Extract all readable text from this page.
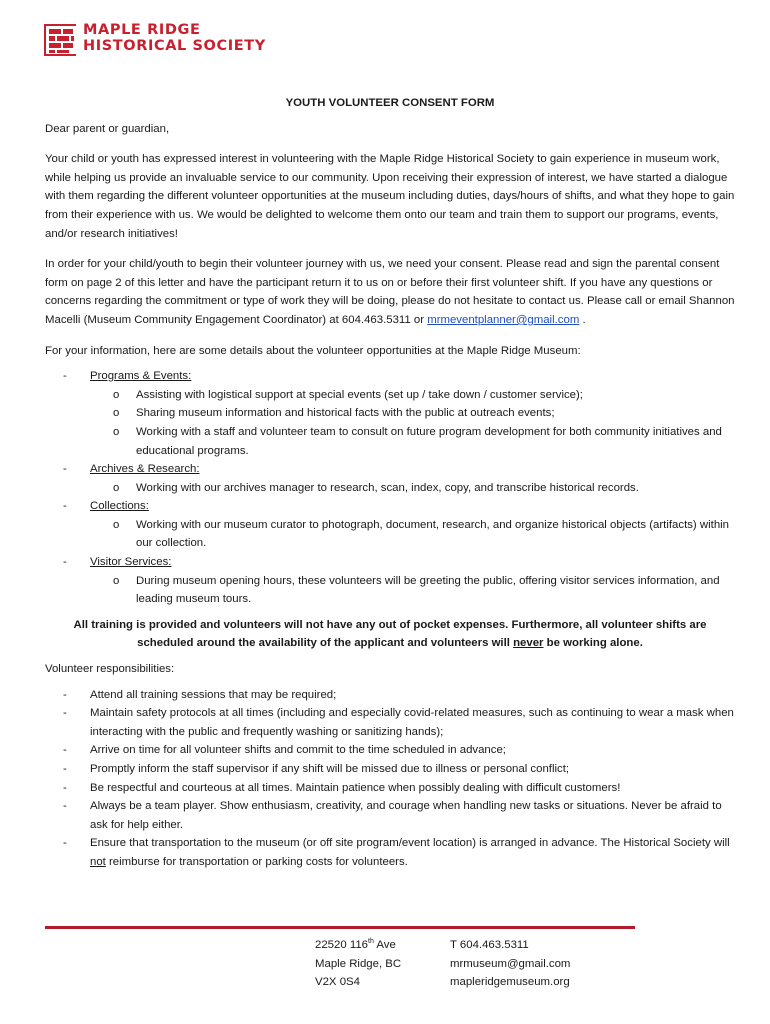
MAPLE RIDGE
HISTORICAL SOCIETY

YOUTH VOLUNTEER CONSENT FORM

Dear parent or guardian,

Your child or youth has expressed interest in volunteering with the Maple Ridge Historical Society to gain experience in museum work, while helping us provide an invaluable service to our community. Upon receiving their expression of interest, we have started a dialogue with them regarding the different volunteer opportunities at the museum including duties, days/hours of shifts, and what they hope to gain from their experience with us. We would be delighted to welcome them onto our team and train them to support our programs, events, and/or research initiatives!

In order for your child/youth to begin their volunteer journey with us, we need your consent. Please read and sign the parental consent form on page 2 of this letter and have the participant return it to us on or before their first volunteer shift. If you have any questions or concerns regarding the commitment or type of work they will be doing, please do not hesitate to contact us. Please call or email Shannon Macelli (Museum Community Engagement Coordinator) at 604.463.5311 or mrmeventplanner@gmail.com .

For your information, here are some details about the volunteer opportunities at the Maple Ridge Museum:

- Programs & Events:
o Assisting with logistical support at special events (set up / take down / customer service);
o Sharing museum information and historical facts with the public at outreach events;
o Working with a staff and volunteer team to consult on future program development for both community initiatives and educational programs.
- Archives & Research:
o Working with our archives manager to research, scan, index, copy, and transcribe historical records.
- Collections:
o Working with our museum curator to photograph, document, research, and organize historical objects (artifacts) within our collection.
- Visitor Services:
o During museum opening hours, these volunteers will be greeting the public, offering visitor services information, and leading museum tours.

All training is provided and volunteers will not have any out of pocket expenses. Furthermore, all volunteer shifts are scheduled around the availability of the applicant and volunteers will never be working alone.

Volunteer responsibilities:

- Attend all training sessions that may be required;
- Maintain safety protocols at all times (including and especially covid-related measures, such as continuing to wear a mask when interacting with the public and frequently washing or sanitizing hands);
- Arrive on time for all volunteer shifts and commit to the time scheduled in advance;
- Promptly inform the staff supervisor if any shift will be missed due to illness or personal conflict;
- Be respectful and courteous at all times. Maintain patience when possibly dealing with difficult customers!
- Always be a team player. Show enthusiasm, creativity, and courage when handling new tasks or situations. Never be afraid to ask for help either.
- Ensure that transportation to the museum (or off site program/event location) is arranged in advance. The Historical Society will not reimburse for transportation or parking costs for volunteers.
22520 116th Ave
Maple Ridge, BC
V2X 0S4
T 604.463.5311
mrmuseum@gmail.com
mapleridgemuseum.org
